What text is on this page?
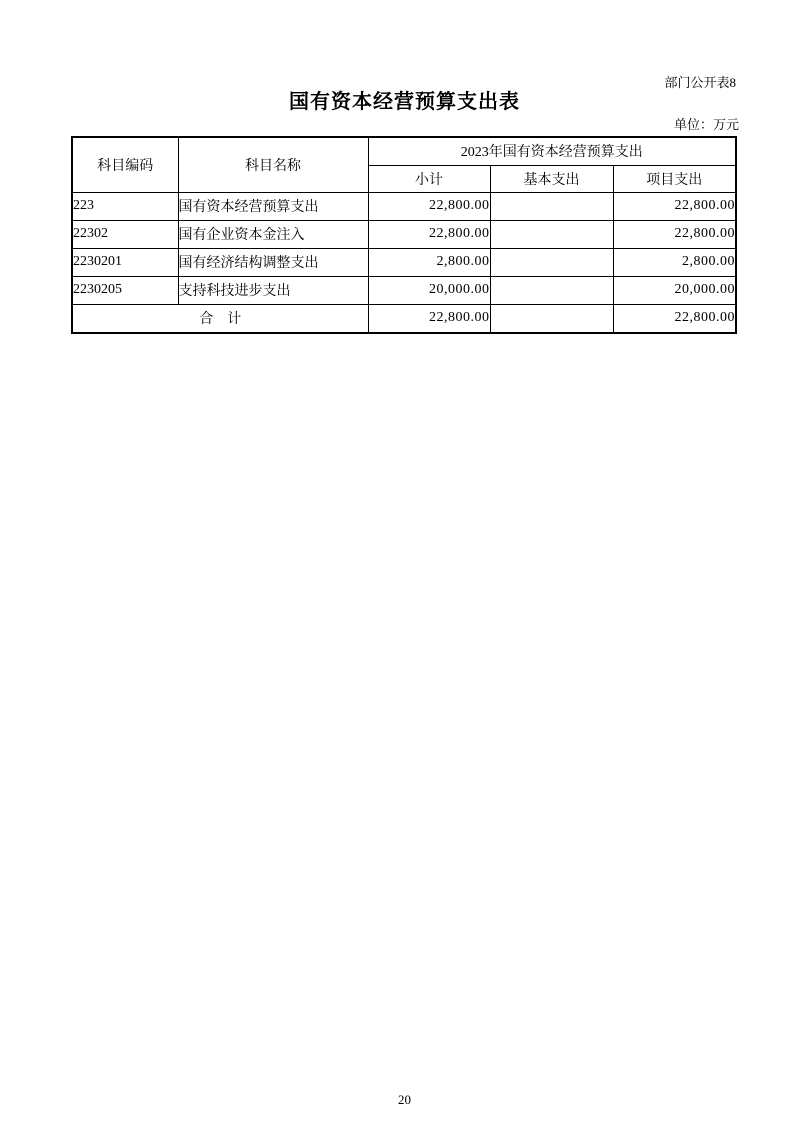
部门公开表8
国有资本经营预算支出表
单位：万元
科目编码	科目名称	2023年国有资本经营预算支出		
		小计	基本支出	项目支出
223	国有资本经营预算支出	22,800.00		22,800.00
22302	国有企业资本金注入	22,800.00		22,800.00
2230201	国有经济结构调整支出	2,800.00		2,800.00
2230205	支持科技进步支出	20,000.00		20,000.00
合　计		22,800.00		22,800.00
20
